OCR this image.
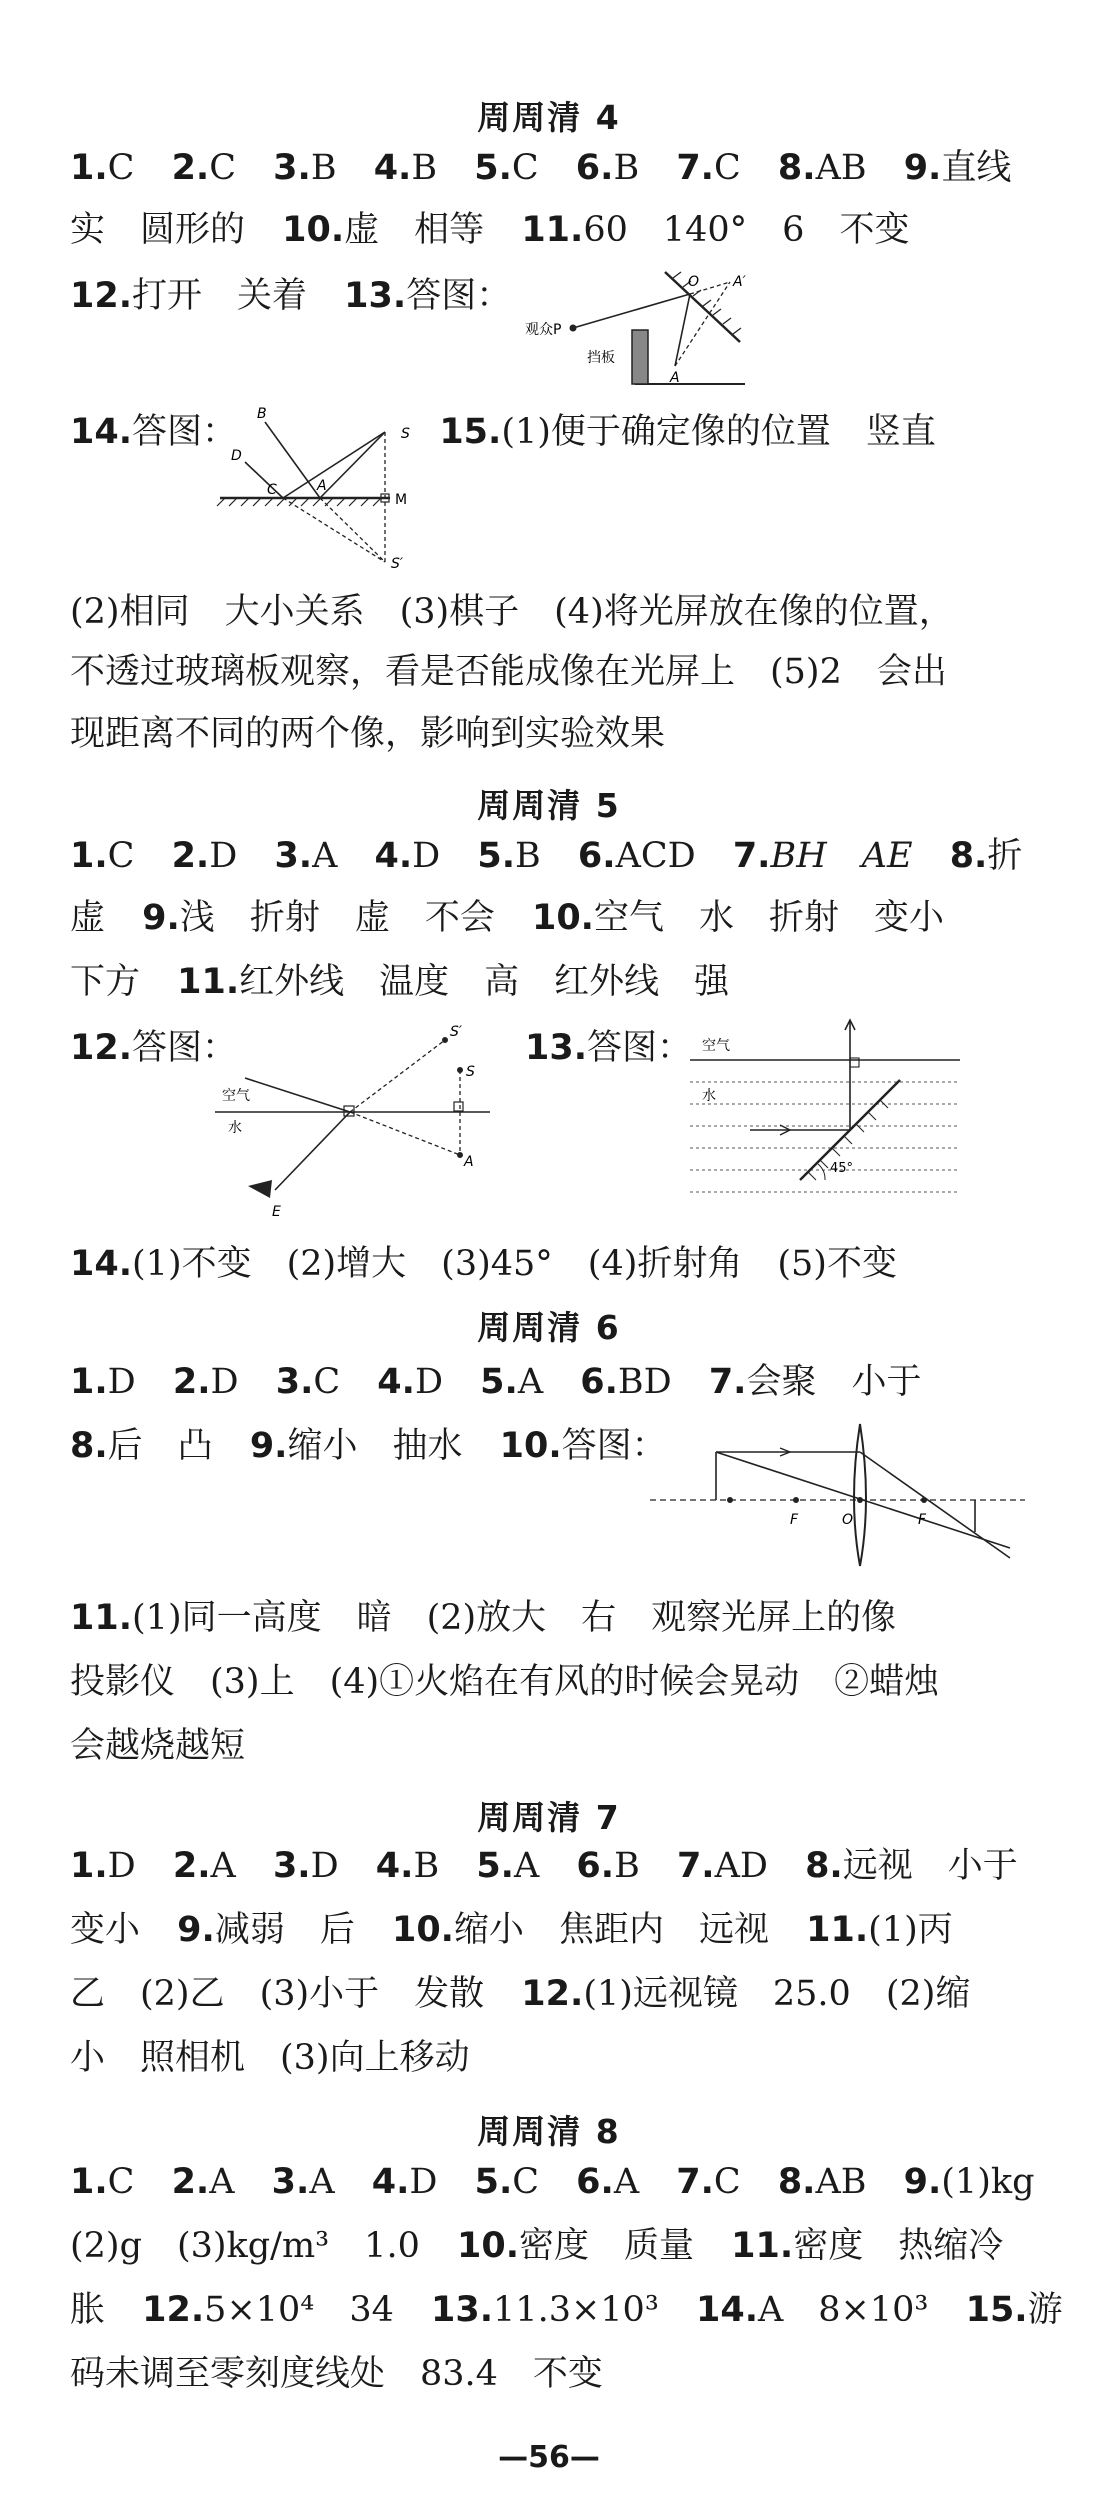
周周清 4
1.C 2.C 3.B 4.B 5.C 6.B 7.C 8.AB 9.直线
实　圆形的 10.虚　相等 11.60　140°　6　不变
12.打开　关着 13.答图：	O
A
A′
观众P
挡板
14.答图：	15.(1)便于确定像的位置　竖直
B
D
C	A
S
M
S′
(2)相同　大小关系　(3)棋子　(4)将光屏放在像的位置，
不透过玻璃板观察，看是否能成像在光屏上　(5)2　会出
现距离不同的两个像，影响到实验效果
周周清 5
1.C 2.D 3.A 4.D 5.B 6.ACD 7.BH　AE 8.折
虚 9.浅　折射　虚　不会 10.空气　水　折射　变小
下方 11.红外线　温度　高　红外线　强
12.答图：	13.答图：
空气
水
S
S′
A
E
空气
水
45°
14.(1)不变　(2)增大　(3)45°　(4)折射角　(5)不变
周周清 6
1.D 2.D 3.C 4.D 5.A 6.BD 7.会聚　小于
8.后　凸 9.缩小　抽水 10.答图：
F	O	F
11.(1)同一高度　暗　(2)放大　右　观察光屏上的像
投影仪　(3)上　(4)①火焰在有风的时候会晃动　②蜡烛
会越烧越短
周周清 7
1.D 2.A 3.D 4.B 5.A 6.B 7.AD 8.远视　小于
变小 9.减弱　后 10.缩小　焦距内　远视 11.(1)丙
乙　(2)乙　(3)小于　发散 12.(1)远视镜　25.0　(2)缩
小　照相机　(3)向上移动
周周清 8
1.C 2.A 3.A 4.D 5.C 6.A 7.C 8.AB 9.(1)kg
(2)g　(3)kg/m³　1.0 10.密度　质量 11.密度　热缩冷
胀 12.5×10⁴　34 13.11.3×10³ 14.A　8×10³ 15.游
码未调至零刻度线处　83.4　不变
—56—
